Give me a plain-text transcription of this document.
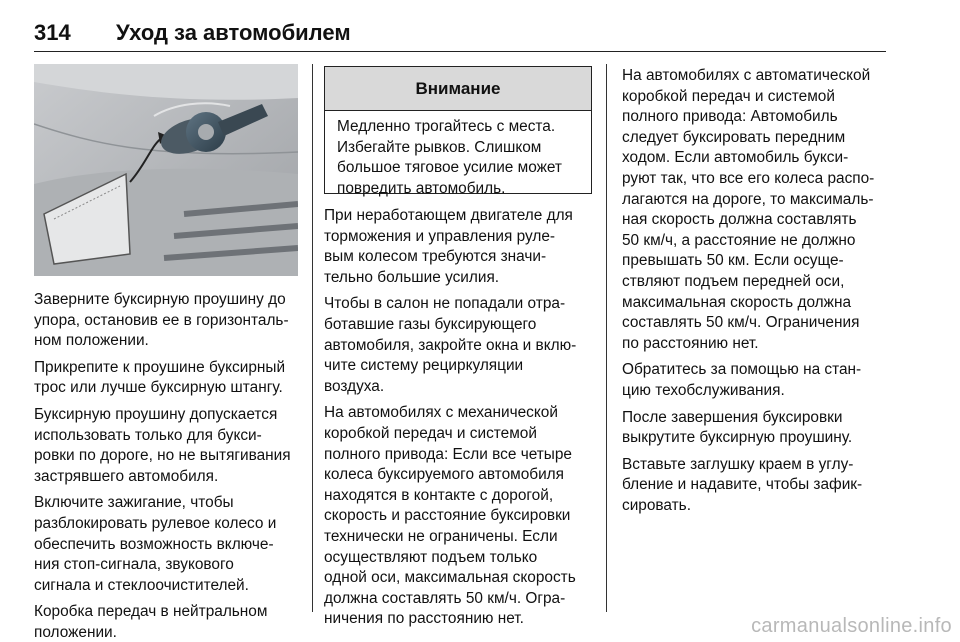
314 Уход за автомобилем

Заверните буксирную проушину до
упора, остановив ее в горизонталь-
ном положении.

Прикрепите к проушине буксирный
трос или лучше буксирную штангу.

Буксирную проушину допускается
использовать только для букси-
ровки по дороге, но не вытягивания
застрявшего автомобиля.

Включите зажигание, чтобы
разблокировать рулевое колесо и
обеспечить возможность включе-
ния стоп-сигнала, звукового
сигнала и стеклоочистителей.

Коробка передач в нейтральном
положении.

Внимание
Медленно трогайтесь с места.
Избегайте рывков. Слишком
большое тяговое усилие может
повредить автомобиль.

При неработающем двигателе для
торможения и управления руле-
вым колесом требуются значи-
тельно большие усилия.

Чтобы в салон не попадали отра-
ботавшие газы буксирующего
автомобиля, закройте окна и вклю-
чите систему рециркуляции
воздуха.

На автомобилях с механической
коробкой передач и системой
полного привода: Если все четыре
колеса буксируемого автомобиля
находятся в контакте с дорогой,
скорость и расстояние буксировки
технически не ограничены. Если
осуществляют подъем только
одной оси, максимальная скорость
должна составлять 50 км/ч. Огра-
ничения по расстоянию нет.

На автомобилях с автоматической
коробкой передач и системой
полного привода: Автомобиль
следует буксировать передним
ходом. Если автомобиль букси-
руют так, что все его колеса распо-
лагаются на дороге, то максималь-
ная скорость должна составлять
50 км/ч, а расстояние не должно
превышать 50 км. Если осуще-
ствляют подъем передней оси,
максимальная скорость должна
составлять 50 км/ч. Ограничения
по расстоянию нет.

Обратитесь за помощью на стан-
цию техобслуживания.

После завершения буксировки
выкрутите буксирную проушину.

Вставьте заглушку краем в углу-
бление и надавите, чтобы зафик-
сировать.

carmanualsonline.info
